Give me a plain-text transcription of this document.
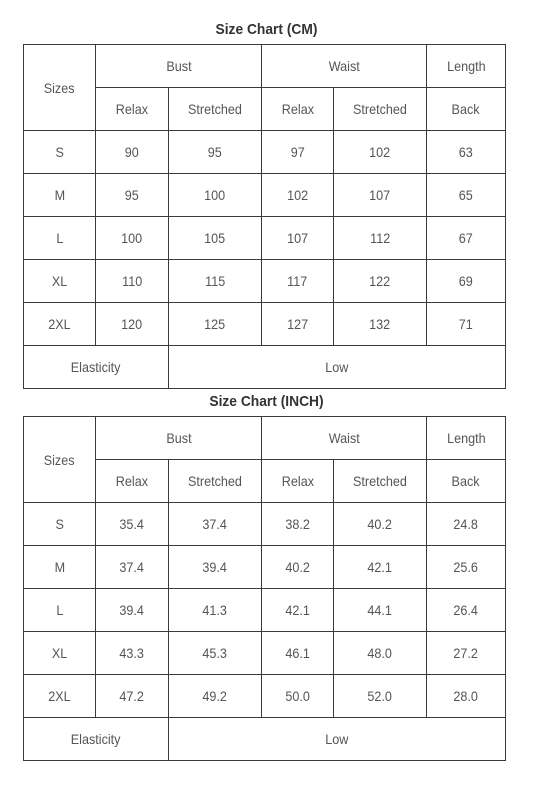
Size Chart (CM)
Sizes	Bust		Waist		Length
	Relax	Stretched	Relax	Stretched	Back
S	90	95	97	102	63
M	95	100	102	107	65
L	100	105	107	112	67
XL	110	115	117	122	69
2XL	120	125	127	132	71
Elasticity		Low			
Size Chart (INCH)
Sizes	Bust		Waist		Length
	Relax	Stretched	Relax	Stretched	Back
S	35.4	37.4	38.2	40.2	24.8
M	37.4	39.4	40.2	42.1	25.6
L	39.4	41.3	42.1	44.1	26.4
XL	43.3	45.3	46.1	48.0	27.2
2XL	47.2	49.2	50.0	52.0	28.0
Elasticity		Low			
